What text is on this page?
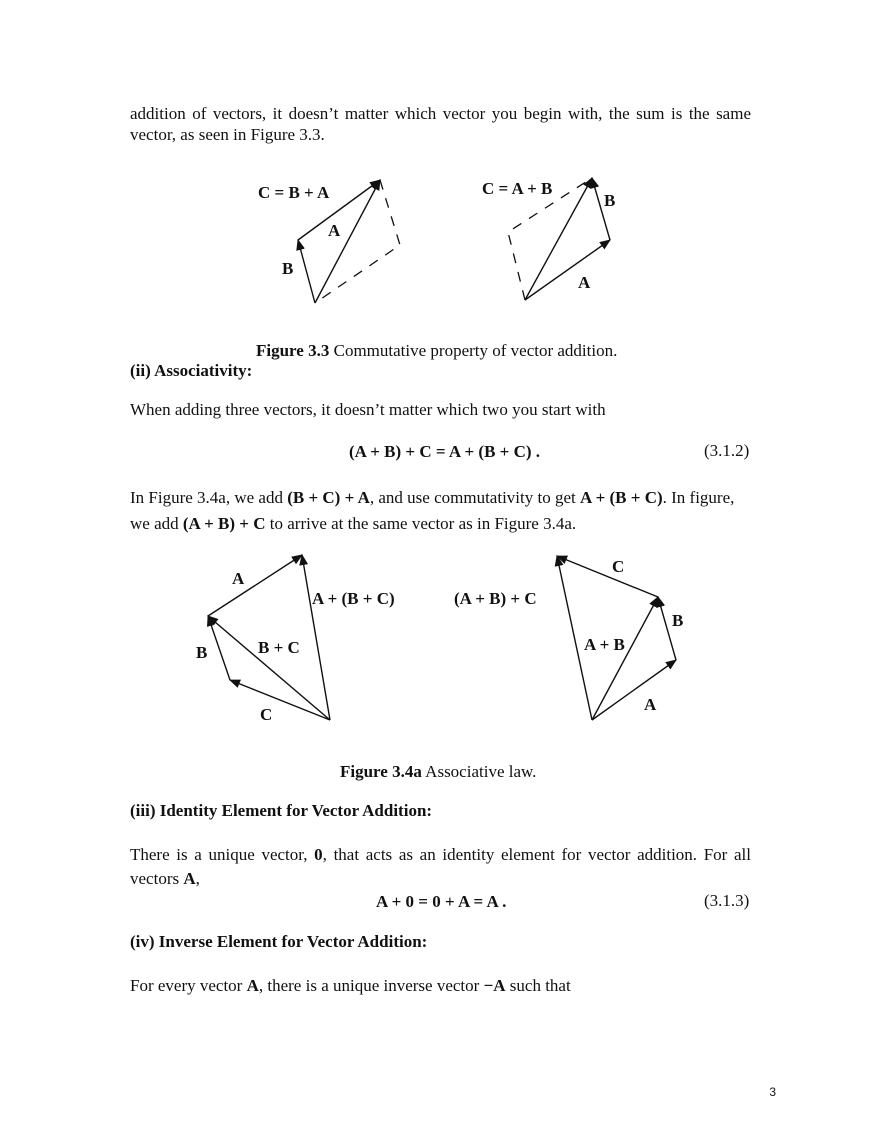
addition of vectors, it doesn’t matter which vector you begin with, the sum is the same
vector, as seen in Figure 3.3.
C = B + A
A
B
C = A + B
B
A
Figure 3.3 Commutative property of vector addition.
(ii) Associativity:
When adding three vectors, it doesn’t matter which two you start with
(A + B) + C = A + (B + C) .	(3.1.2)
In Figure 3.4a, we add (B + C) + A, and use commutativity to get A + (B + C). In figure,
we add (A + B) + C to arrive at the same vector as in Figure 3.4a.
A
B
C
B + C
A + (B + C)	(A + B) + C
C
B
A
A + B
Figure 3.4a Associative law.
(iii) Identity Element for Vector Addition:
There is a unique vector, 0, that acts as an identity element for vector addition. For all
vectors A,
A + 0 = 0 + A = A .	(3.1.3)
(iv) Inverse Element for Vector Addition:
For every vector A, there is a unique inverse vector −A such that
3
